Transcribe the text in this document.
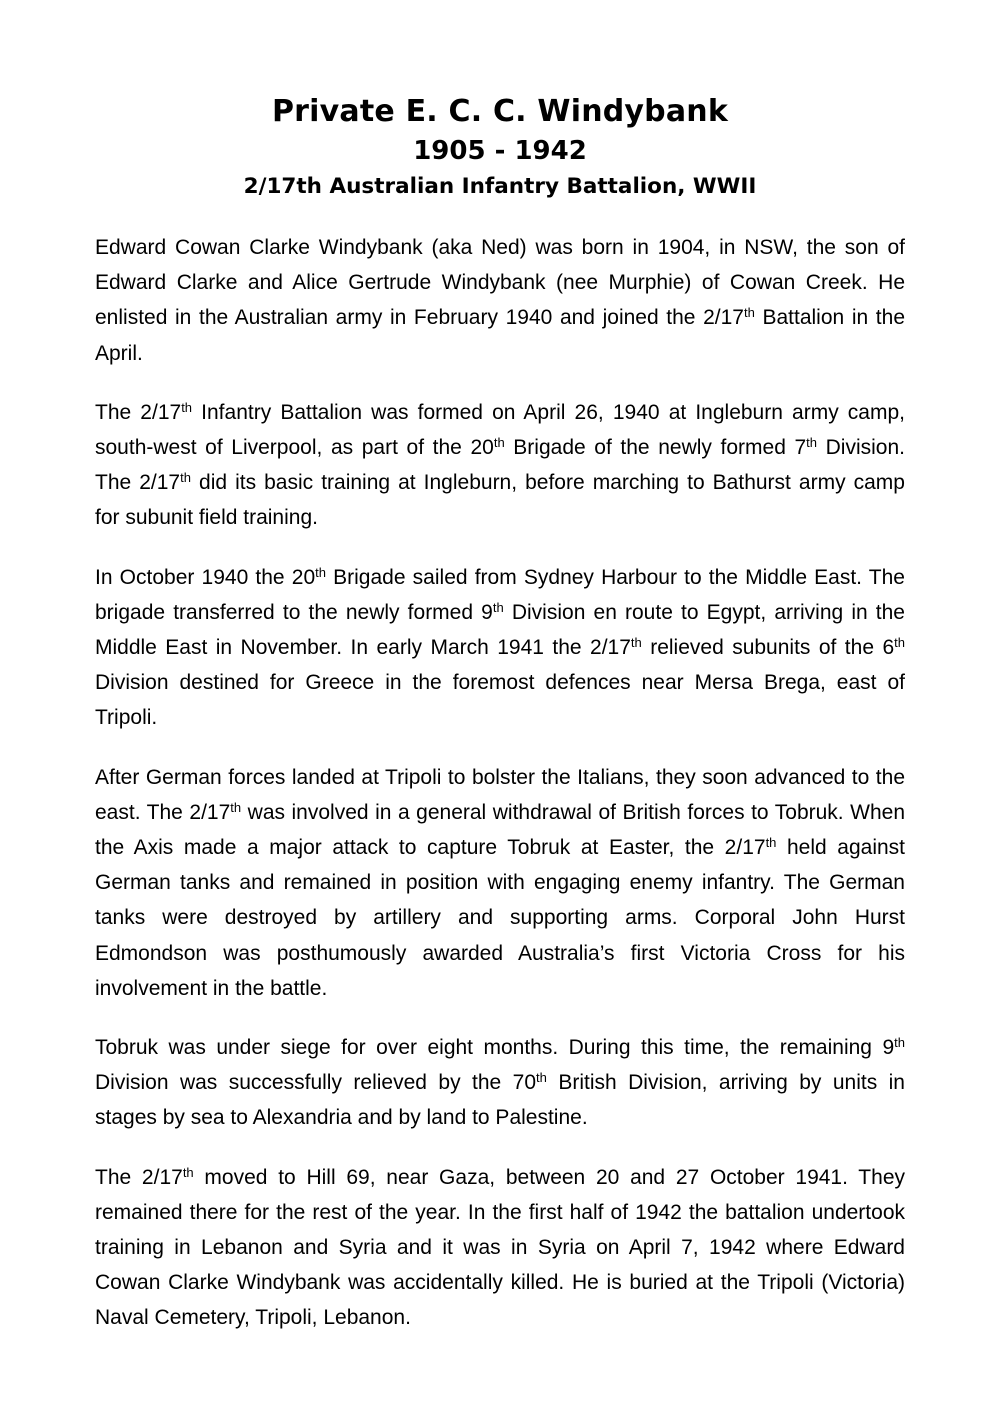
Private E. C. C. Windybank
1905 - 1942
2/17th Australian Infantry Battalion, WWII

Edward Cowan Clarke Windybank (aka Ned) was born in 1904, in NSW, the son of Edward Clarke and Alice Gertrude Windybank (nee Murphie) of Cowan Creek. He enlisted in the Australian army in February 1940 and joined the 2/17th Battalion in the April.

The 2/17th Infantry Battalion was formed on April 26, 1940 at Ingleburn army camp, south-west of Liverpool, as part of the 20th Brigade of the newly formed 7th Division. The 2/17th did its basic training at Ingleburn, before marching to Bathurst army camp for subunit field training.

In October 1940 the 20th Brigade sailed from Sydney Harbour to the Middle East. The brigade transferred to the newly formed 9th Division en route to Egypt, arriving in the Middle East in November. In early March 1941 the 2/17th relieved subunits of the 6th Division destined for Greece in the foremost defences near Mersa Brega, east of Tripoli.

After German forces landed at Tripoli to bolster the Italians, they soon advanced to the east. The 2/17th was involved in a general withdrawal of British forces to Tobruk. When the Axis made a major attack to capture Tobruk at Easter, the 2/17th held against German tanks and remained in position with engaging enemy infantry. The German tanks were destroyed by artillery and supporting arms. Corporal John Hurst Edmondson was posthumously awarded Australia’s first Victoria Cross for his involvement in the battle.

Tobruk was under siege for over eight months. During this time, the remaining 9th Division was successfully relieved by the 70th British Division, arriving by units in stages by sea to Alexandria and by land to Palestine.

The 2/17th moved to Hill 69, near Gaza, between 20 and 27 October 1941. They remained there for the rest of the year. In the first half of 1942 the battalion undertook training in Lebanon and Syria and it was in Syria on April 7, 1942 where Edward Cowan Clarke Windybank was accidentally killed. He is buried at the Tripoli (Victoria) Naval Cemetery, Tripoli, Lebanon.
